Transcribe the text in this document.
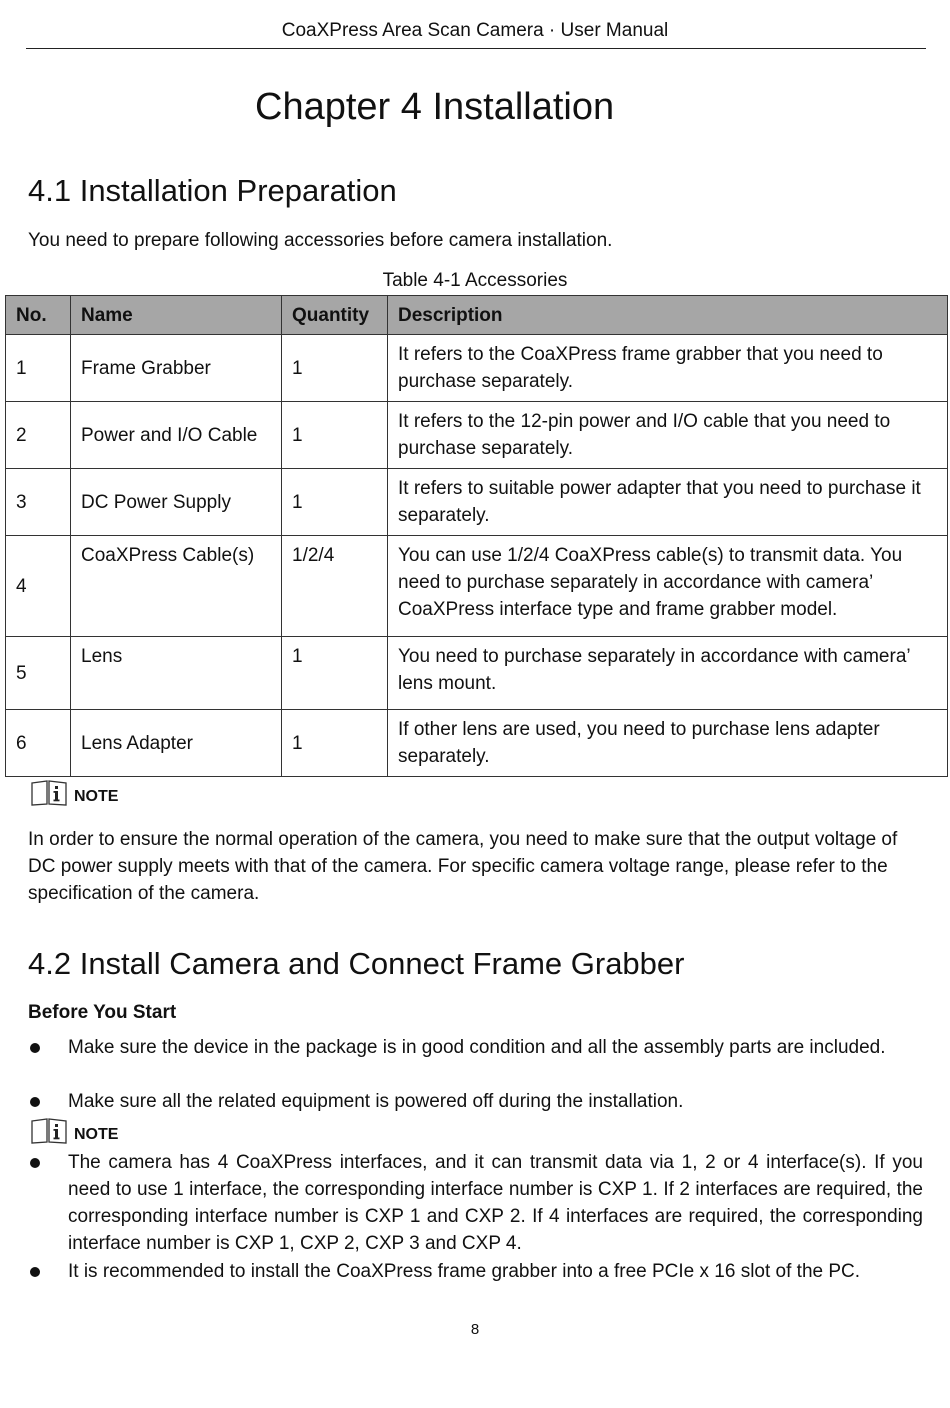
CoaXPress Area Scan Camera · User Manual
Chapter 4 Installation
4.1 Installation Preparation
You need to prepare following accessories before camera installation.
Table 4-1 Accessories
No.	Name	Quantity	Description
1	Frame Grabber	1	It refers to the CoaXPress frame grabber that you need to purchase separately.
2	Power and I/O Cable	1	It refers to the 12-pin power and I/O cable that you need to purchase separately.
3	DC Power Supply	1	It refers to suitable power adapter that you need to purchase it separately.
4	CoaXPress Cable(s)	1/2/4	You can use 1/2/4 CoaXPress cable(s) to transmit data. You need to purchase separately in accordance with camera’ CoaXPress interface type and frame grabber model.
5	Lens	1	You need to purchase separately in accordance with camera’ lens mount.
6	Lens Adapter	1	If other lens are used, you need to purchase lens adapter separately.
NOTE
In order to ensure the normal operation of the camera, you need to make sure that the output voltage of DC power supply meets with that of the camera. For specific camera voltage range, please refer to the specification of the camera.
4.2 Install Camera and Connect Frame Grabber
Before You Start
Make sure the device in the package is in good condition and all the assembly parts are included.
Make sure all the related equipment is powered off during the installation.
NOTE
The camera has 4 CoaXPress interfaces, and it can transmit data via 1, 2 or 4 interface(s). If you need to use 1 interface, the corresponding interface number is CXP 1. If 2 interfaces are required, the corresponding interface number is CXP 1 and CXP 2. If 4 interfaces are required, the corresponding interface number is CXP 1, CXP 2, CXP 3 and CXP 4.
It is recommended to install the CoaXPress frame grabber into a free PCIe x 16 slot of the PC.
8
